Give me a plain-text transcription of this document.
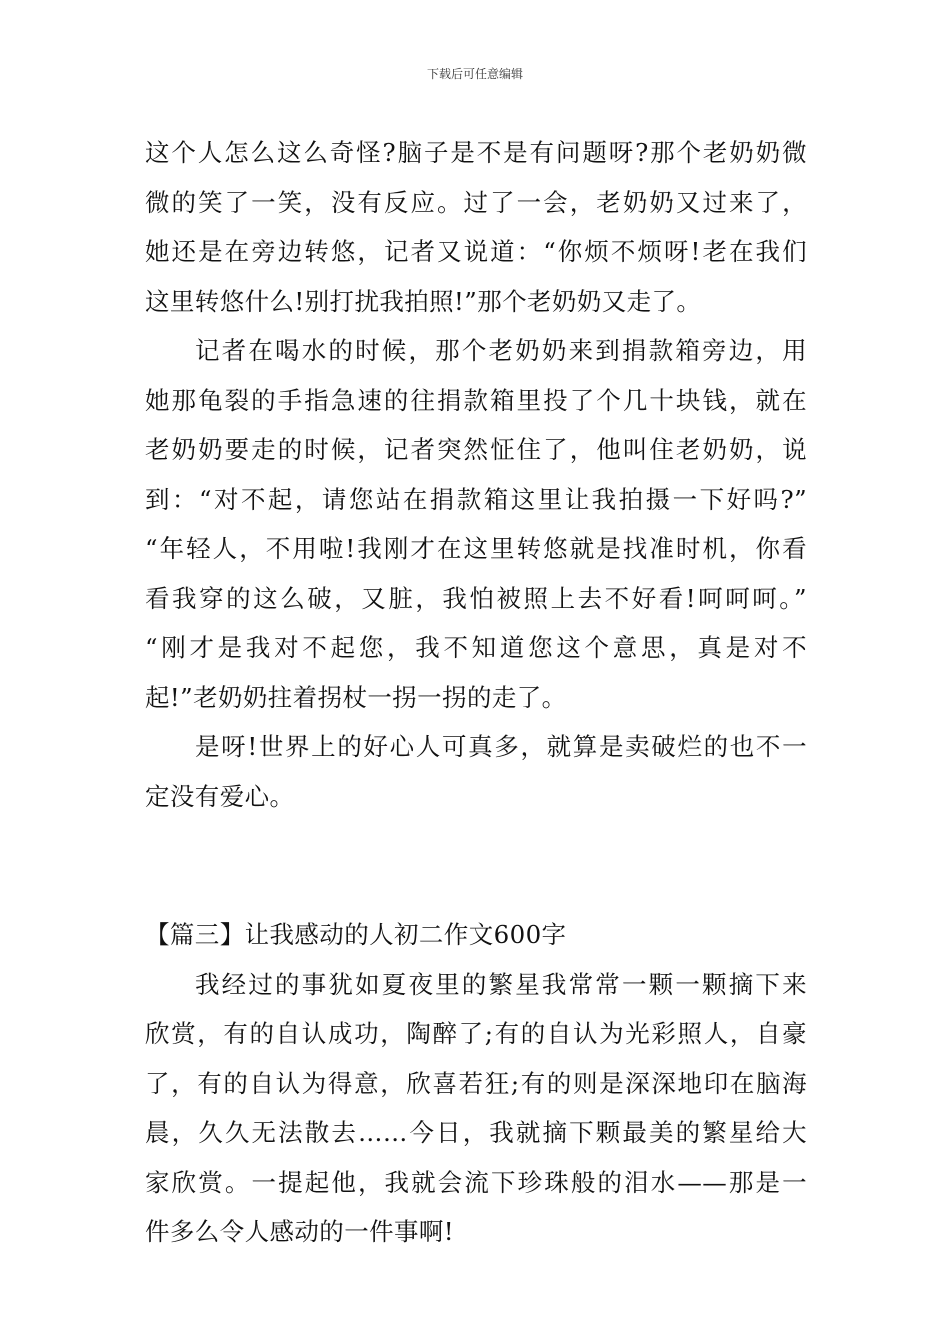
下载后可任意编辑
这个人怎么这么奇怪?脑子是不是有问题呀?那个老奶奶微
微的笑了一笑，没有反应。过了一会，老奶奶又过来了，
她还是在旁边转悠，记者又说道：“你烦不烦呀!老在我们
这里转悠什么!别打扰我拍照!”那个老奶奶又走了。
记者在喝水的时候，那个老奶奶来到捐款箱旁边，用
她那龟裂的手指急速的往捐款箱里投了个几十块钱，就在
老奶奶要走的时候，记者突然怔住了，他叫住老奶奶，说
到：“对不起，请您站在捐款箱这里让我拍摄一下好吗?”
“年轻人，不用啦!我刚才在这里转悠就是找准时机，你看
看我穿的这么破，又脏，我怕被照上去不好看!呵呵呵。”
“刚才是我对不起您，我不知道您这个意思，真是对不
起!”老奶奶拄着拐杖一拐一拐的走了。
是呀!世界上的好心人可真多，就算是卖破烂的也不一
定没有爱心。
【篇三】让我感动的人初二作文600字
我经过的事犹如夏夜里的繁星我常常一颗一颗摘下来
欣赏，有的自认成功，陶醉了;有的自认为光彩照人，自豪
了，有的自认为得意，欣喜若狂;有的则是深深地印在脑海
晨，久久无法散去……今日，我就摘下颗最美的繁星给大
家欣赏。一提起他，我就会流下珍珠般的泪水——那是一
件多么令人感动的一件事啊!
